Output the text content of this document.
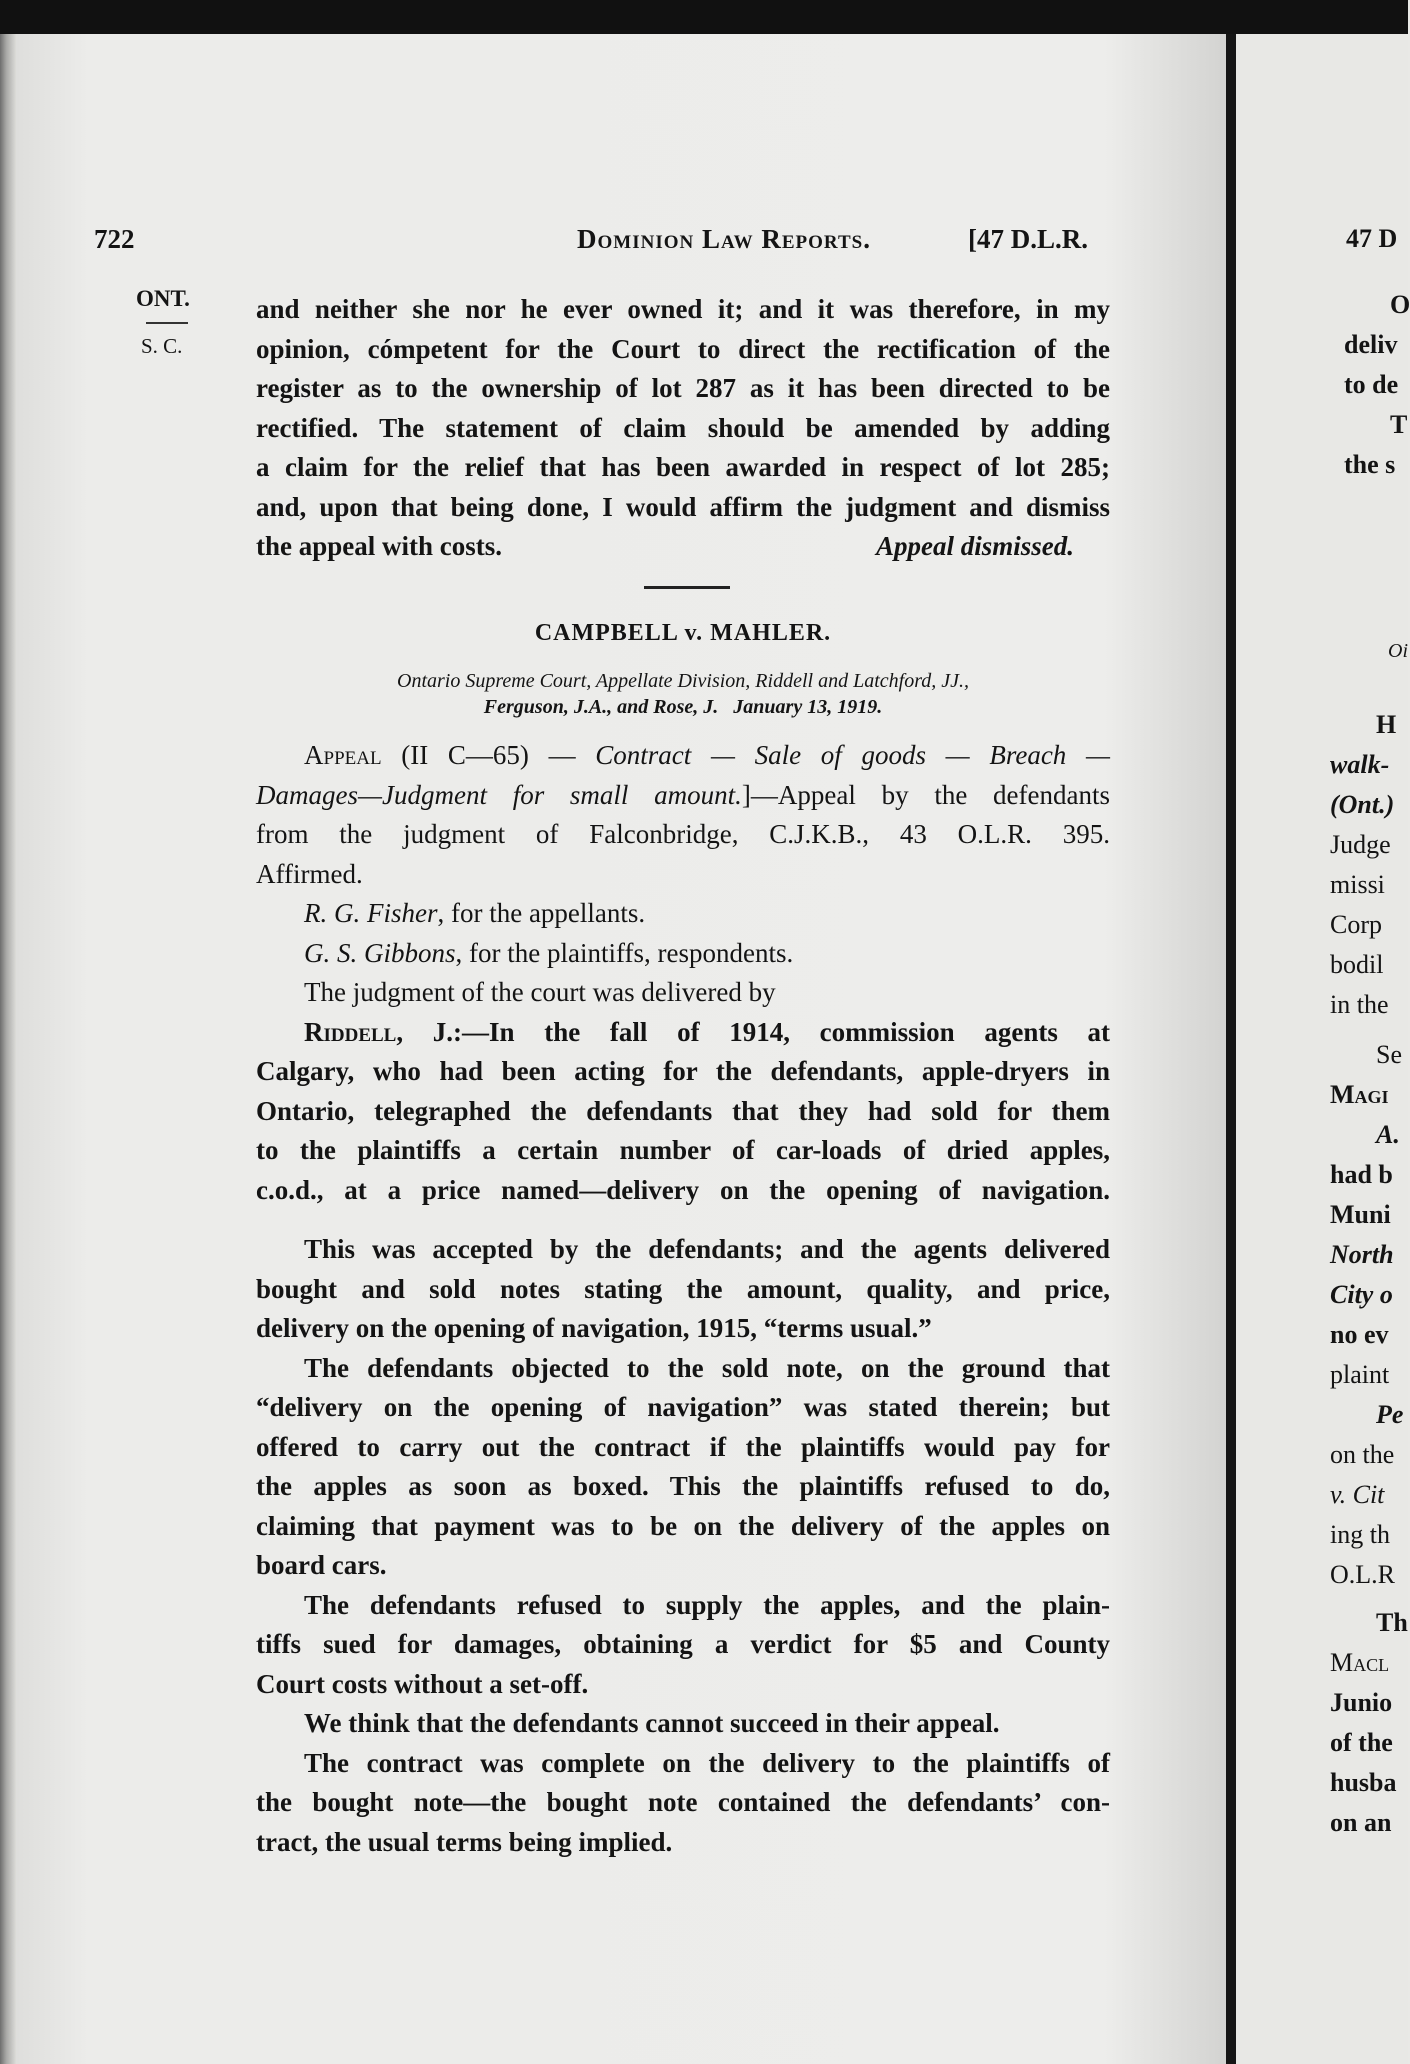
722	Dominion Law Reports.	[47 D.L.R.
ONT.
S. C.
and neither she nor he ever owned it; and it was therefore, in my
opinion, cómpetent for the Court to direct the rectification of the
register as to the ownership of lot 287 as it has been directed to be
rectified. The statement of claim should be amended by adding
a claim for the relief that has been awarded in respect of lot 285;
and, upon that being done, I would affirm the judgment and dismiss
the appeal with costs.	Appeal dismissed.
CAMPBELL v. MAHLER.
Ontario Supreme Court, Appellate Division, Riddell and Latchford, JJ.,
Ferguson, J.A., and Rose, J.   January 13, 1919.
Appeal (II C—65) — Contract — Sale of goods — Breach —
Damages—Judgment for small amount.]—Appeal by the defendants
from the judgment of Falconbridge, C.J.K.B., 43 O.L.R. 395.
Affirmed.
R. G. Fisher, for the appellants.
G. S. Gibbons, for the plaintiffs, respondents.
The judgment of the court was delivered by
Riddell, J.:—In the fall of 1914, commission agents at
Calgary, who had been acting for the defendants, apple-dryers in
Ontario, telegraphed the defendants that they had sold for them
to the plaintiffs a certain number of car-loads of dried apples,
c.o.d., at a price named—delivery on the opening of navigation.
This was accepted by the defendants; and the agents delivered
bought and sold notes stating the amount, quality, and price,
delivery on the opening of navigation, 1915, “terms usual.”
The defendants objected to the sold note, on the ground that
“delivery on the opening of navigation” was stated therein; but
offered to carry out the contract if the plaintiffs would pay for
the apples as soon as boxed. This the plaintiffs refused to do,
claiming that payment was to be on the delivery of the apples on
board cars.
The defendants refused to supply the apples, and the plain-
tiffs sued for damages, obtaining a verdict for $5 and County
Court costs without a set-off.
We think that the defendants cannot succeed in their appeal.
The contract was complete on the delivery to the plaintiffs of
the bought note—the bought note contained the defendants’ con-
tract, the usual terms being implied.
47 D
O
deliv
to de
T
the s
Oi
H
walk-
(Ont.)
Judge
missi
Corp
bodil
in the
Se
Magi
A.
had b
Muni
North
City o
no ev
plaint
Pe
on the
v. Cit
ing th
O.L.R
Th
Macl
Junio
of the
husba
on an
